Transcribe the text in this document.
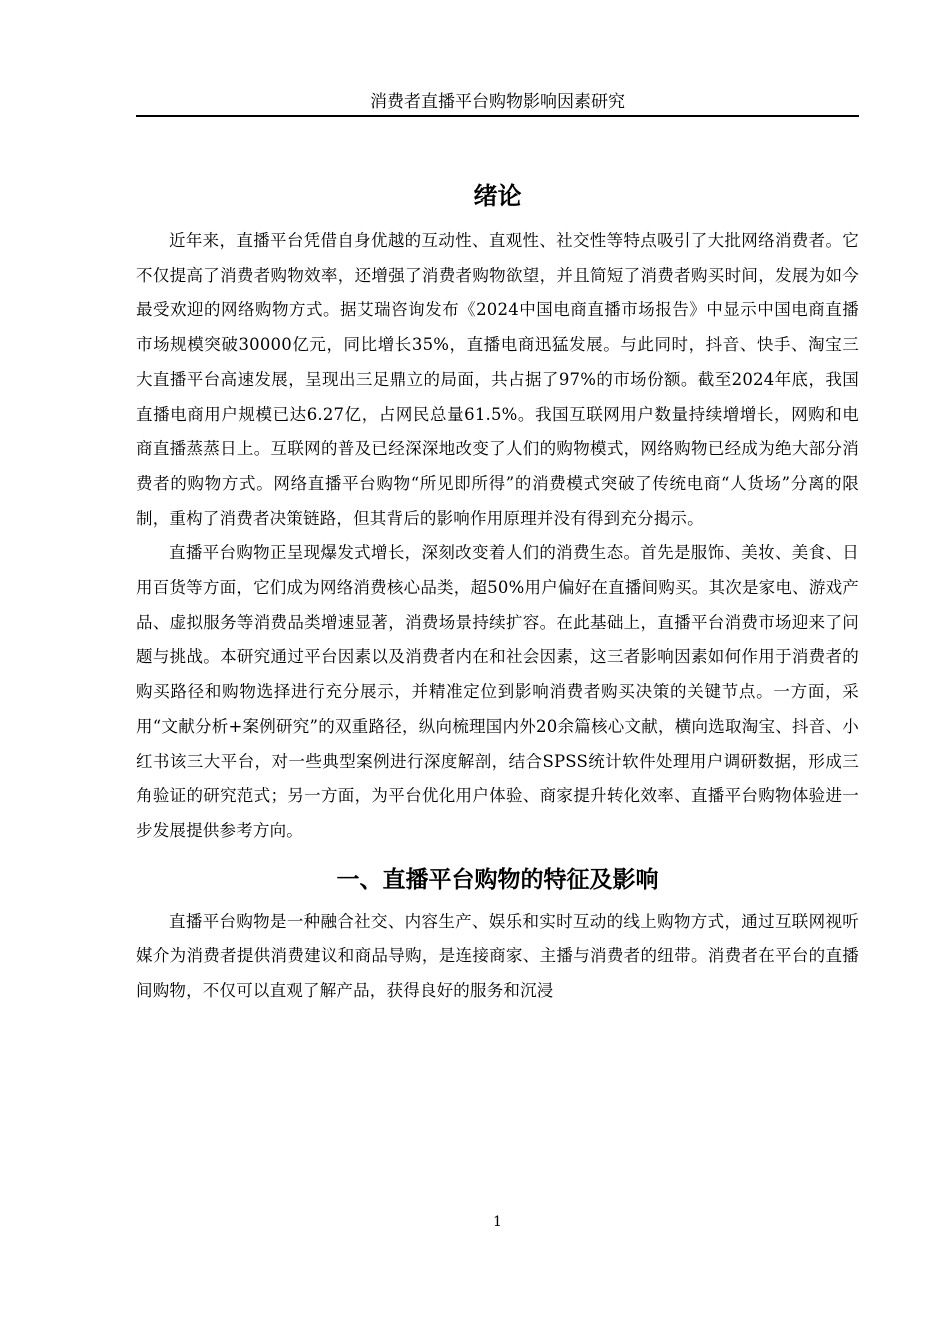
消费者直播平台购物影响因素研究
绪论

近年来，直播平台凭借自身优越的互动性、直观性、社交性等特点吸引了大批网络消费者。它不仅提高了消费者购物效率，还增强了消费者购物欲望，并且简短了消费者购买时间，发展为如今最受欢迎的网络购物方式。据艾瑞咨询发布《2024中国电商直播市场报告》中显示中国电商直播市场规模突破30000亿元，同比增长35%，直播电商迅猛发展。与此同时，抖音、快手、淘宝三大直播平台高速发展，呈现出三足鼎立的局面，共占据了97%的市场份额。截至2024年底，我国直播电商用户规模已达6.27亿，占网民总量61.5%。我国互联网用户数量持续增增长，网购和电商直播蒸蒸日上。互联网的普及已经深深地改变了人们的购物模式，网络购物已经成为绝大部分消费者的购物方式。网络直播平台购物“所见即所得”的消费模式突破了传统电商“人货场”分离的限制，重构了消费者决策链路，但其背后的影响作用原理并没有得到充分揭示。

直播平台购物正呈现爆发式增长，深刻改变着人们的消费生态。首先是服饰、美妆、美食、日用百货等方面，它们成为网络消费核心品类，超50%用户偏好在直播间购买。其次是家电、游戏产品、虚拟服务等消费品类增速显著，消费场景持续扩容。在此基础上，直播平台消费市场迎来了问题与挑战。本研究通过平台因素以及消费者内在和社会因素，这三者影响因素如何作用于消费者的购买路径和购物选择进行充分展示，并精准定位到影响消费者购买决策的关键节点。一方面，采用“文献分析+案例研究”的双重路径，纵向梳理国内外20余篇核心文献，横向选取淘宝、抖音、小红书该三大平台，对一些典型案例进行深度解剖，结合SPSS统计软件处理用户调研数据，形成三角验证的研究范式；另一方面，为平台优化用户体验、商家提升转化效率、直播平台购物体验进一步发展提供参考方向。

一、直播平台购物的特征及影响

直播平台购物是一种融合社交、内容生产、娱乐和实时互动的线上购物方式，通过互联网视听媒介为消费者提供消费建议和商品导购，是连接商家、主播与消费者的纽带。消费者在平台的直播间购物，不仅可以直观了解产品，获得良好的服务和沉浸

1
